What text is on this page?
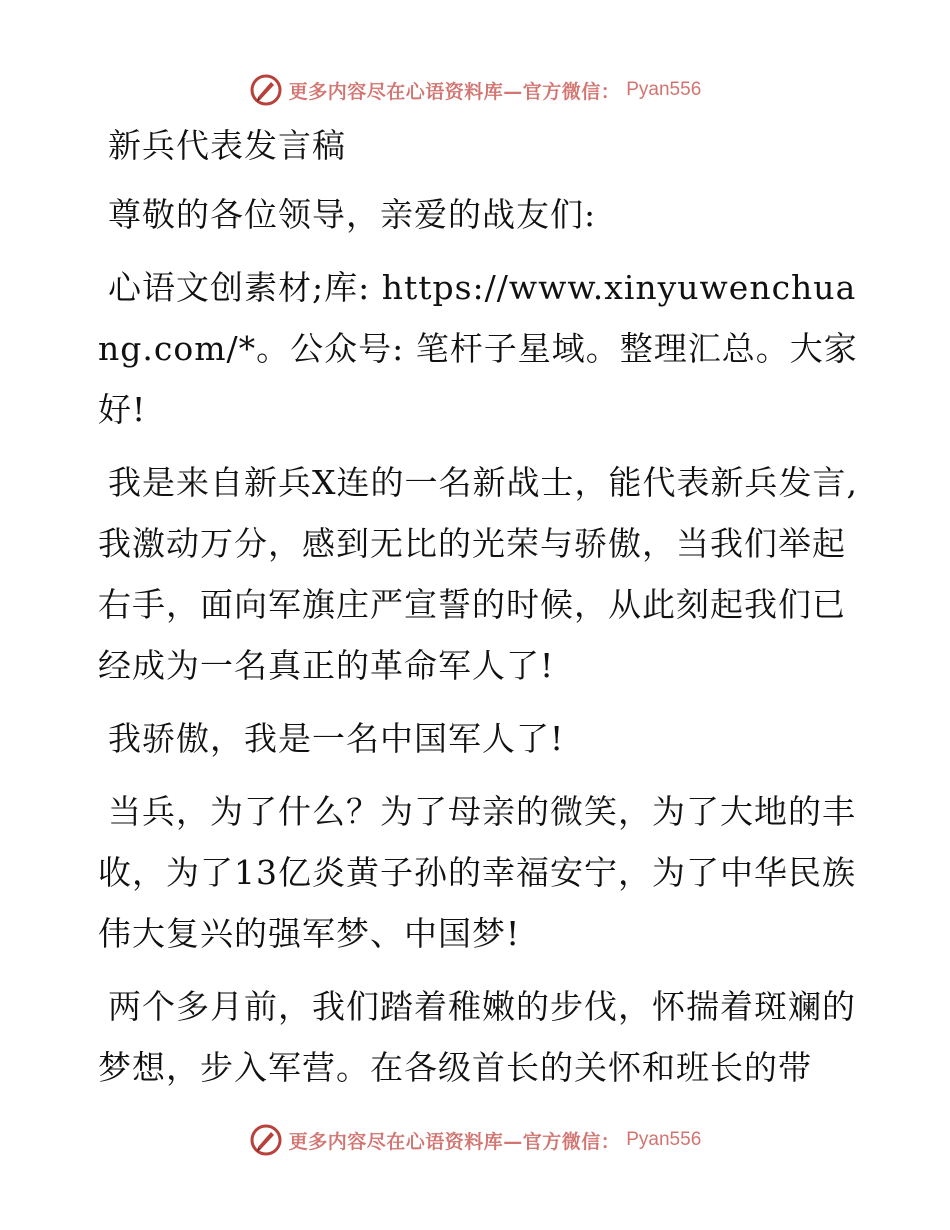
更多内容尽在心语资料库—官方微信： Pyan556

新兵代表发言稿

尊敬的各位领导，亲爱的战友们:

心语文创素材;库: https://www.xinyuwenchuang.com/*。公众号: 笔杆子星域。整理汇总。大家好!

我是来自新兵X连的一名新战士，能代表新兵发言,我激动万分，感到无比的光荣与骄傲，当我们举起右手，面向军旗庄严宣誓的时候，从此刻起我们已经成为一名真正的革命军人了!

我骄傲，我是一名中国军人了!

当兵，为了什么？为了母亲的微笑，为了大地的丰收，为了13亿炎黄子孙的幸福安宁，为了中华民族伟大复兴的强军梦、中国梦!

两个多月前，我们踏着稚嫩的步伐，怀揣着斑斓的梦想，步入军营。在各级首长的关怀和班长的带

更多内容尽在心语资料库—官方微信： Pyan556
